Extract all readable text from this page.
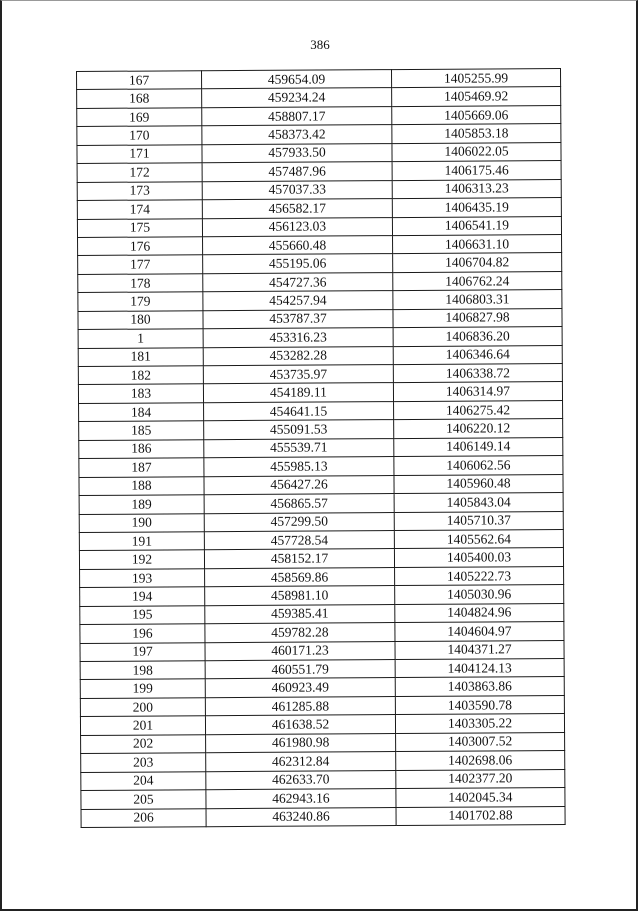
386
167	459654.09	1405255.99
168	459234.24	1405469.92
169	458807.17	1405669.06
170	458373.42	1405853.18
171	457933.50	1406022.05
172	457487.96	1406175.46
173	457037.33	1406313.23
174	456582.17	1406435.19
175	456123.03	1406541.19
176	455660.48	1406631.10
177	455195.06	1406704.82
178	454727.36	1406762.24
179	454257.94	1406803.31
180	453787.37	1406827.98
1	453316.23	1406836.20
181	453282.28	1406346.64
182	453735.97	1406338.72
183	454189.11	1406314.97
184	454641.15	1406275.42
185	455091.53	1406220.12
186	455539.71	1406149.14
187	455985.13	1406062.56
188	456427.26	1405960.48
189	456865.57	1405843.04
190	457299.50	1405710.37
191	457728.54	1405562.64
192	458152.17	1405400.03
193	458569.86	1405222.73
194	458981.10	1405030.96
195	459385.41	1404824.96
196	459782.28	1404604.97
197	460171.23	1404371.27
198	460551.79	1404124.13
199	460923.49	1403863.86
200	461285.88	1403590.78
201	461638.52	1403305.22
202	461980.98	1403007.52
203	462312.84	1402698.06
204	462633.70	1402377.20
205	462943.16	1402045.34
206	463240.86	1401702.88
